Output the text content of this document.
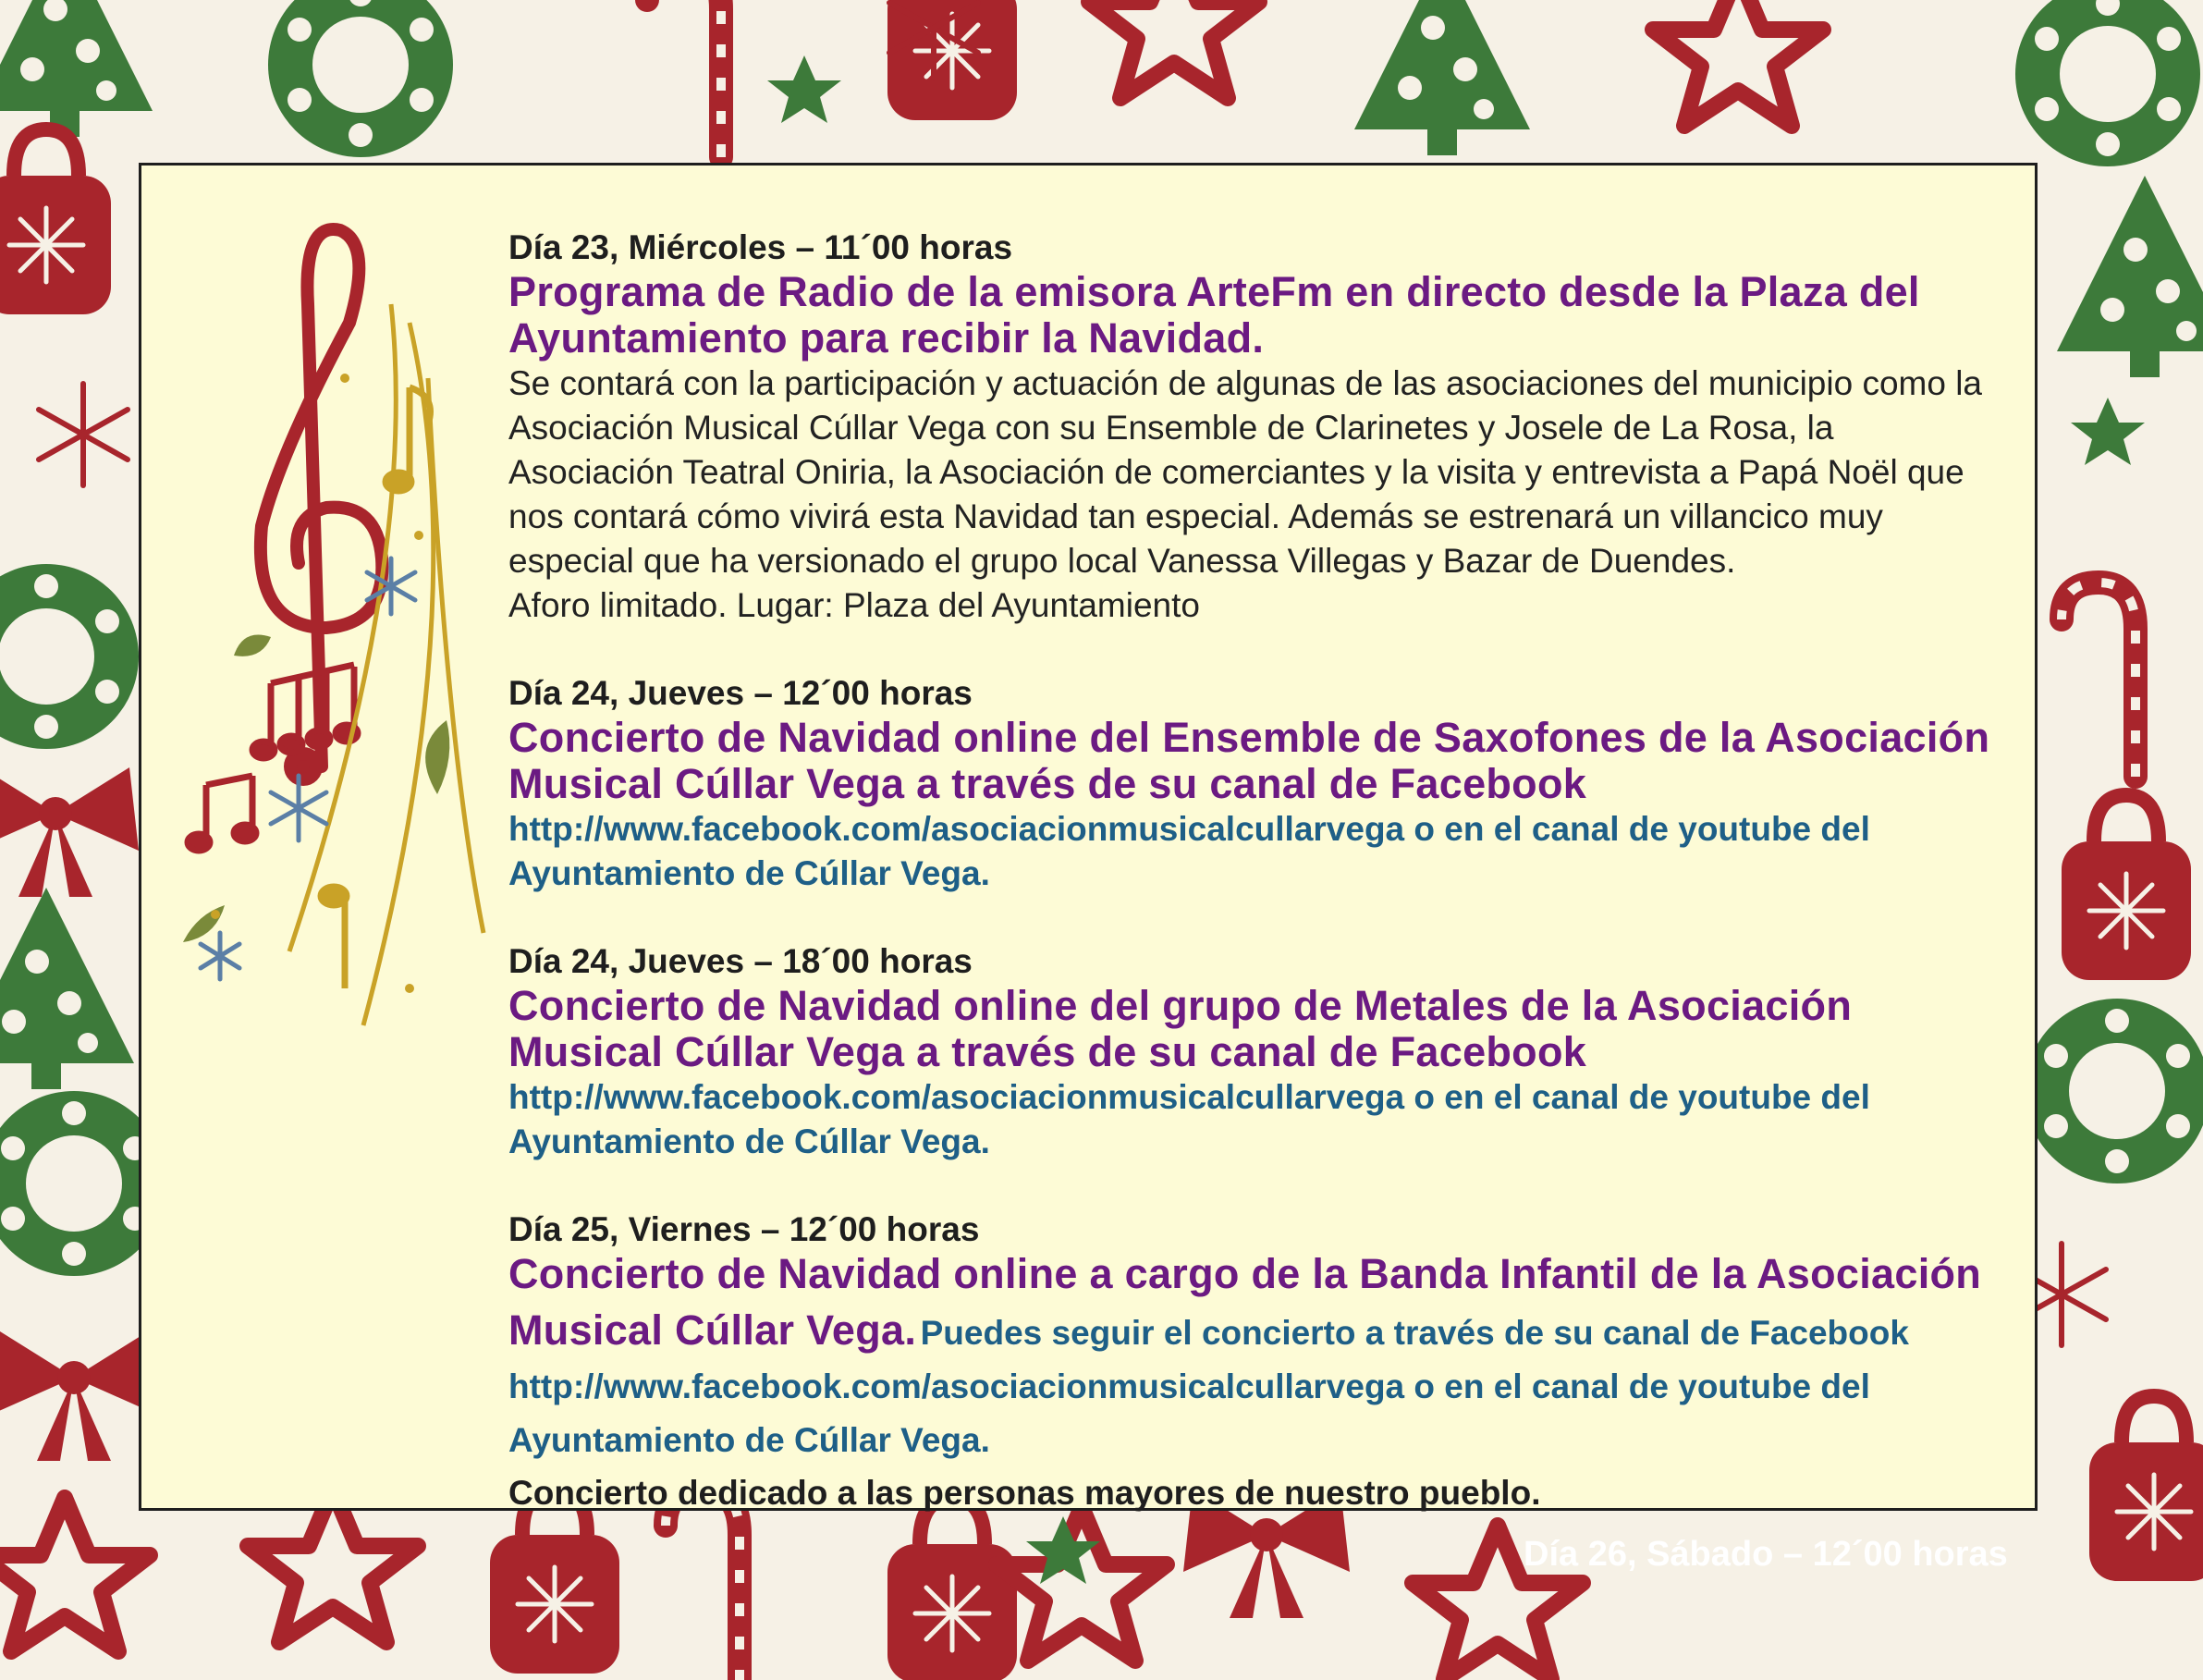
Día 23, Miércoles – 11´00 horas
Programa de Radio de la emisora ArteFm en directo desde la Plaza del Ayuntamiento para recibir la Navidad.
Se contará con la participación y actuación de algunas de las asociaciones del municipio como la Asociación Musical Cúllar Vega con su Ensemble de Clarinetes y Josele de La Rosa, la Asociación Teatral Oniria, la Asociación de comerciantes y la visita y entrevista a Papá Noël que nos contará cómo vivirá esta Navidad tan especial. Además se estrenará un villancico muy especial que ha versionado el grupo local Vanessa Villegas y Bazar de Duendes.
Aforo limitado. Lugar: Plaza del Ayuntamiento
Día 24, Jueves – 12´00 horas
Concierto de Navidad online del Ensemble de Saxofones de la Asociación Musical Cúllar Vega a través de su canal de Facebook
http://www.facebook.com/asociacionmusicalcullarvega o en el canal de youtube del Ayuntamiento de Cúllar Vega.
Día 24, Jueves – 18´00 horas
Concierto de Navidad online del grupo de Metales de la Asociación Musical Cúllar Vega a través de su canal de Facebook
http://www.facebook.com/asociacionmusicalcullarvega o en el canal de youtube del Ayuntamiento de Cúllar Vega.
Día 25, Viernes – 12´00 horas
Concierto de Navidad online a cargo de la Banda Infantil de la Asociación Musical Cúllar Vega. Puedes seguir el concierto a través de su canal de Facebook http://www.facebook.com/asociacionmusicalcullarvega o en el canal de youtube del Ayuntamiento de Cúllar Vega.
Concierto dedicado a las personas mayores de nuestro pueblo.
Día 26, Sábado – 12´00 horas
